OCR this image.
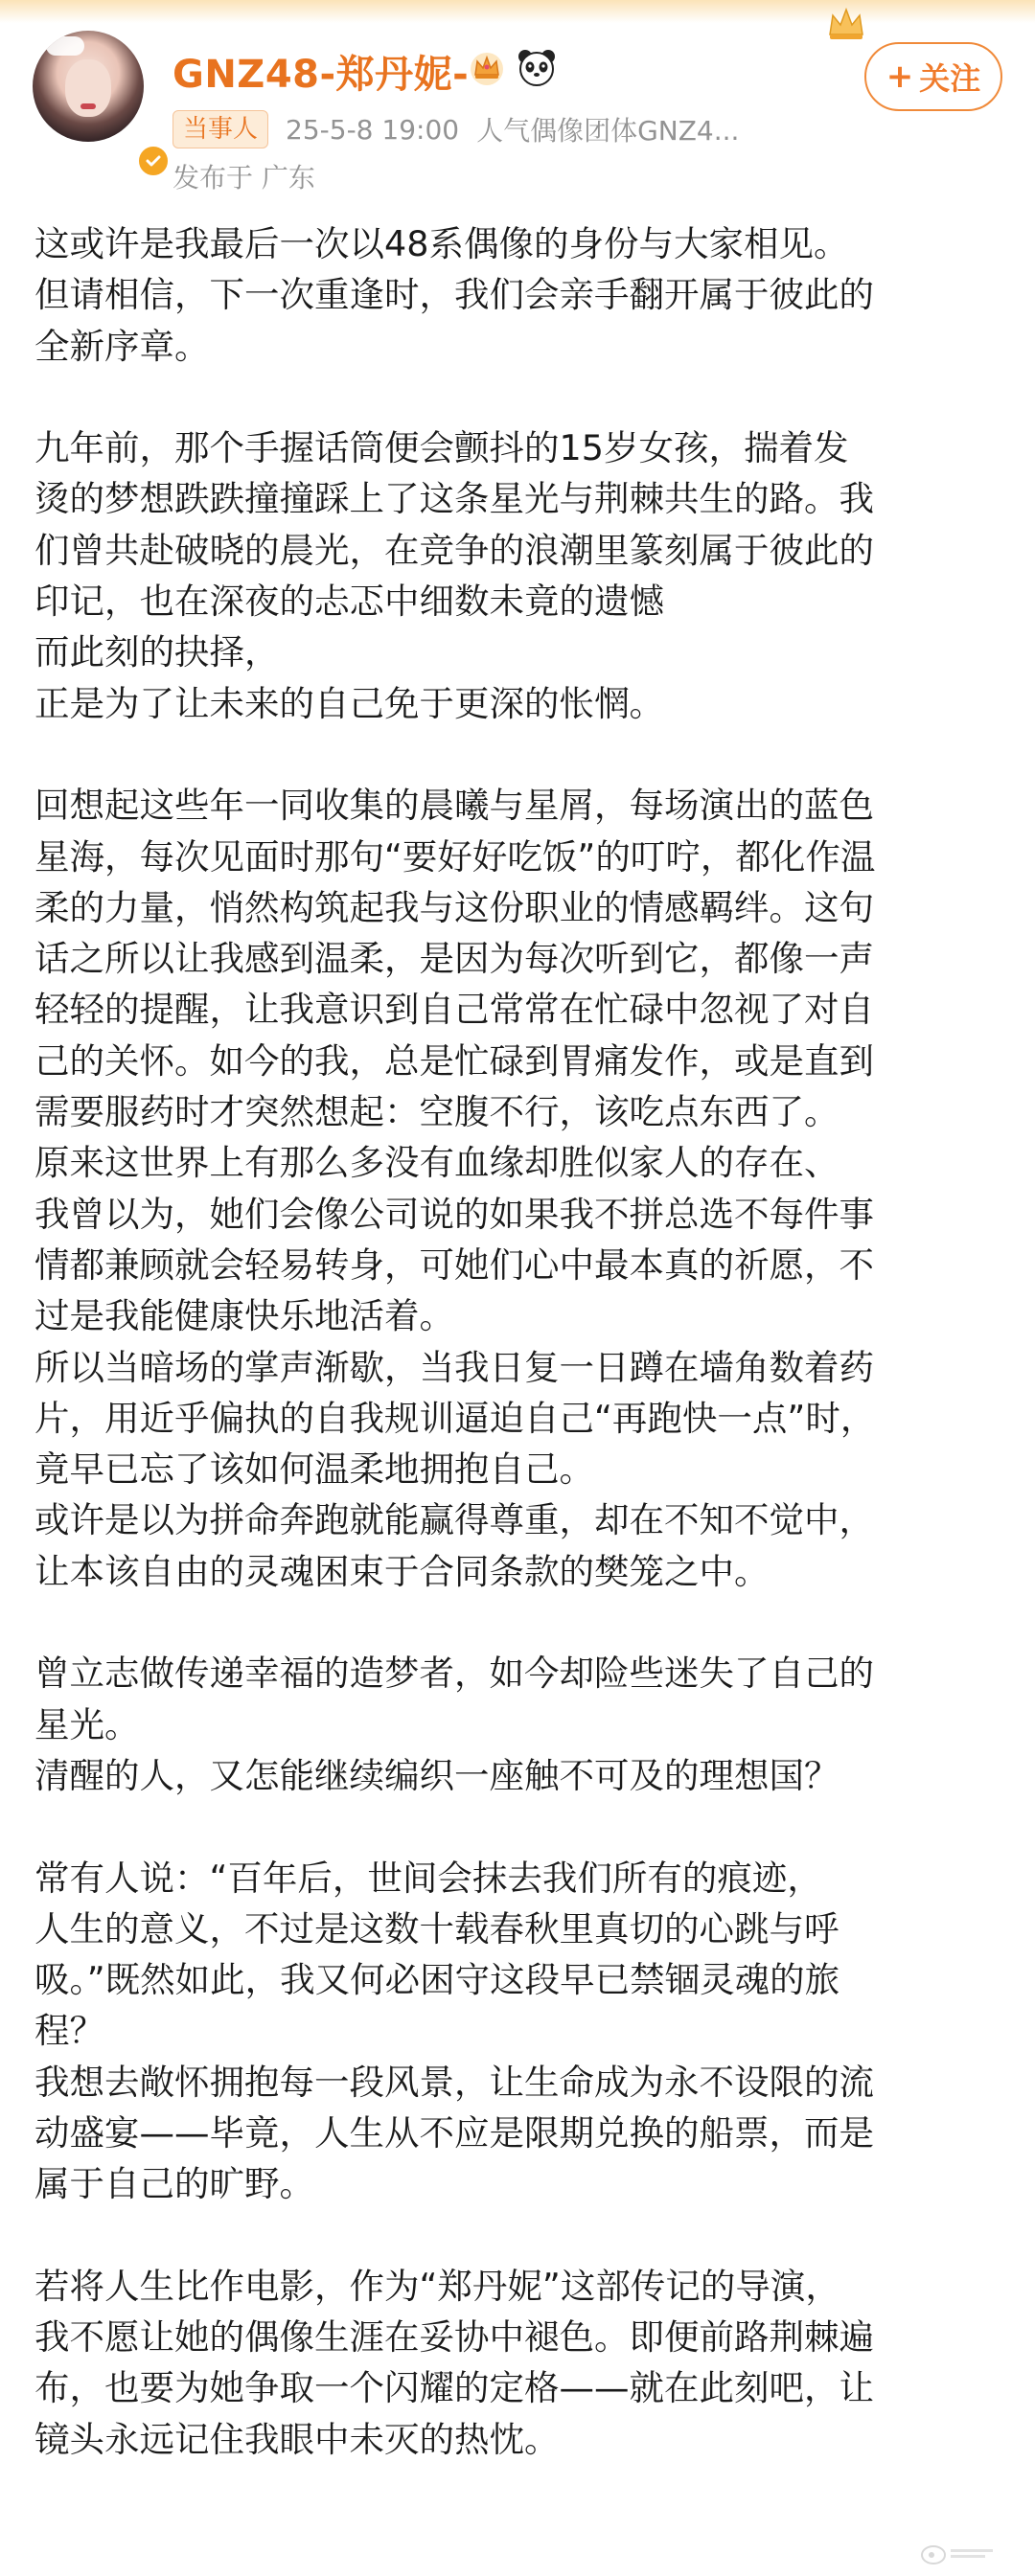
GNZ48-郑丹妮-
当事人	25-5-8 19:00 人气偶像团体GNZ4...
发布于 广东
+ 关注
这或许是我最后一次以48系偶像的身份与大家相见。
但请相信，下一次重逢时，我们会亲手翻开属于彼此的
全新序章。
九年前，那个手握话筒便会颤抖的15岁女孩，揣着发
烫的梦想跌跌撞撞踩上了这条星光与荆棘共生的路。我
们曾共赴破晓的晨光，在竞争的浪潮里篆刻属于彼此的
印记，也在深夜的忐忑中细数未竟的遗憾
而此刻的抉择，
正是为了让未来的自己免于更深的怅惘。
回想起这些年一同收集的晨曦与星屑，每场演出的蓝色
星海，每次见面时那句“要好好吃饭”的叮咛，都化作温
柔的力量，悄然构筑起我与这份职业的情感羁绊。这句
话之所以让我感到温柔，是因为每次听到它，都像一声
轻轻的提醒，让我意识到自己常常在忙碌中忽视了对自
己的关怀。如今的我，总是忙碌到胃痛发作，或是直到
需要服药时才突然想起：空腹不行，该吃点东西了。
原来这世界上有那么多没有血缘却胜似家人的存在、
我曾以为，她们会像公司说的如果我不拼总选不每件事
情都兼顾就会轻易转身，可她们心中最本真的祈愿，不
过是我能健康快乐地活着。
所以当暗场的掌声渐歇，当我日复一日蹲在墙角数着药
片，用近乎偏执的自我规训逼迫自己“再跑快一点”时，
竟早已忘了该如何温柔地拥抱自己。
或许是以为拼命奔跑就能赢得尊重，却在不知不觉中，
让本该自由的灵魂困束于合同条款的樊笼之中。
曾立志做传递幸福的造梦者，如今却险些迷失了自己的
星光。
清醒的人，又怎能继续编织一座触不可及的理想国？
常有人说：“百年后，世间会抹去我们所有的痕迹，
人生的意义，不过是这数十载春秋里真切的心跳与呼
吸。”既然如此，我又何必困守这段早已禁锢灵魂的旅
程？
我想去敞怀拥抱每一段风景，让生命成为永不设限的流
动盛宴——毕竟，人生从不应是限期兑换的船票，而是
属于自己的旷野。
若将人生比作电影，作为“郑丹妮”这部传记的导演，
我不愿让她的偶像生涯在妥协中褪色。即便前路荆棘遍
布，也要为她争取一个闪耀的定格——就在此刻吧，让
镜头永远记住我眼中未灭的热忱。
